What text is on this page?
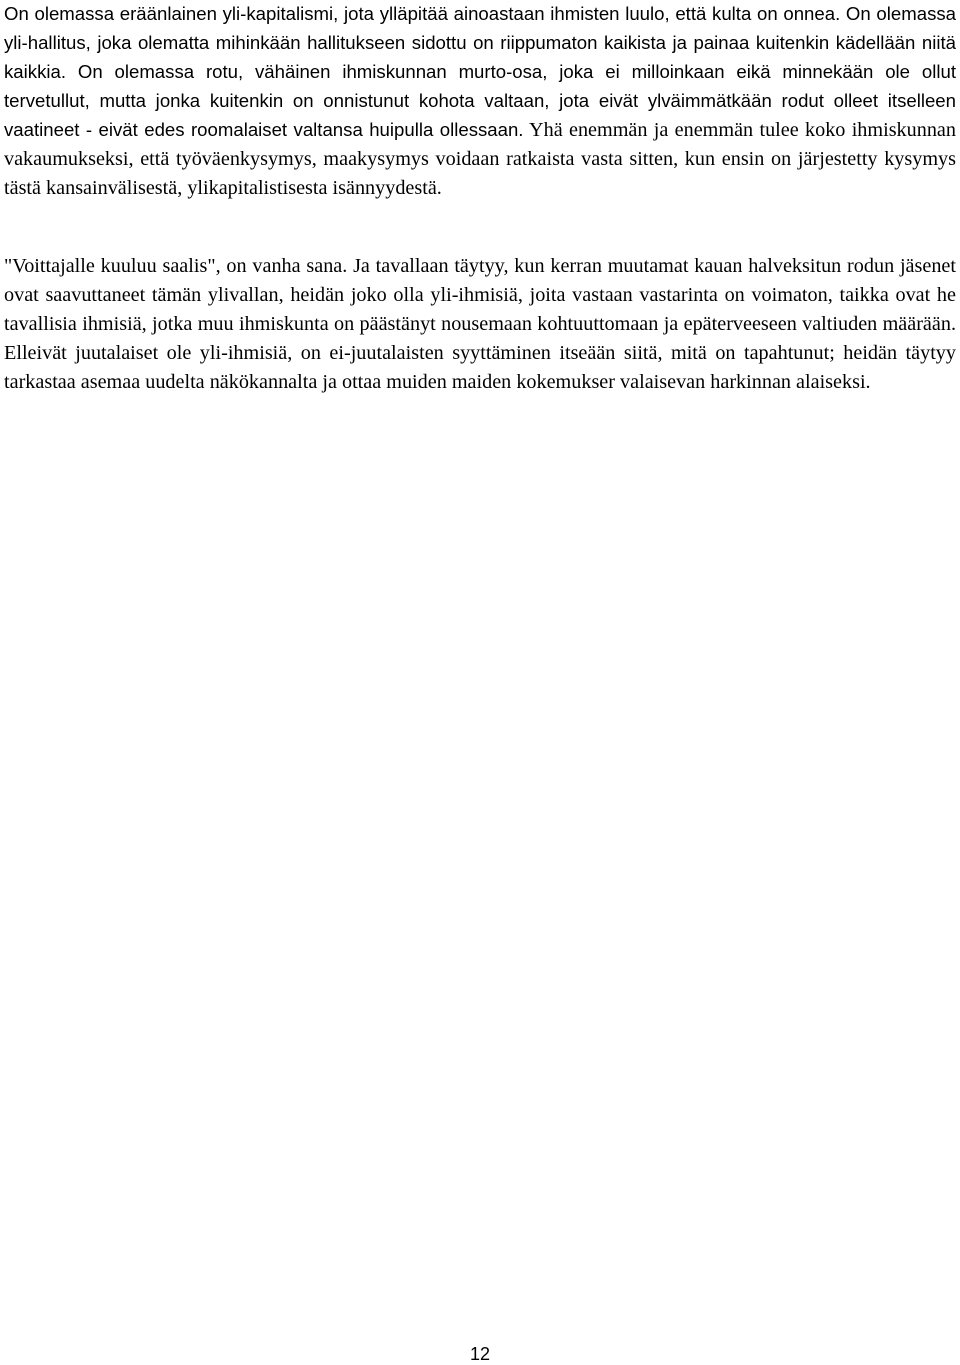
On olemassa eräänlainen yli-kapitalismi, jota ylläpitää ainoastaan ihmisten luulo, että kulta on onnea. On olemassa yli-hallitus, joka olematta mihinkään hallitukseen sidottu on riippumaton kaikista ja painaa kuitenkin kädellään niitä kaikkia. On olemassa rotu, vähäinen ihmiskunnan murto-osa, joka ei milloinkaan eikä minnekään ole ollut tervetullut, mutta jonka kuitenkin on onnistunut kohota valtaan, jota eivät ylväimmätkään rodut olleet itselleen vaatineet - eivät edes roomalaiset valtansa huipulla ollessaan. Yhä enemmän ja enemmän tulee koko ihmiskunnan vakaumukseksi, että työväenkysymys, maakysymys voidaan ratkaista vasta sitten, kun ensin on järjestetty kysymys tästä kansainvälisestä, ylikapitalistisesta isännyydestä.

"Voittajalle kuuluu saalis", on vanha sana. Ja tavallaan täytyy, kun kerran muutamat kauan halveksitun rodun jäsenet ovat saavuttaneet tämän ylivallan, heidän joko olla yli-ihmisiä, joita vastaan vastarinta on voimaton, taikka ovat he tavallisia ihmisiä, jotka muu ihmiskunta on päästänyt nousemaan kohtuuttomaan ja epäterveeseen valtiuden määrään. Elleivät juutalaiset ole yli-ihmisiä, on ei-juutalaisten syyttäminen itseään siitä, mitä on tapahtunut; heidän täytyy tarkastaa asemaa uudelta näkökannalta ja ottaa muiden maiden kokemukser valaisevan harkinnan alaiseksi.

12
